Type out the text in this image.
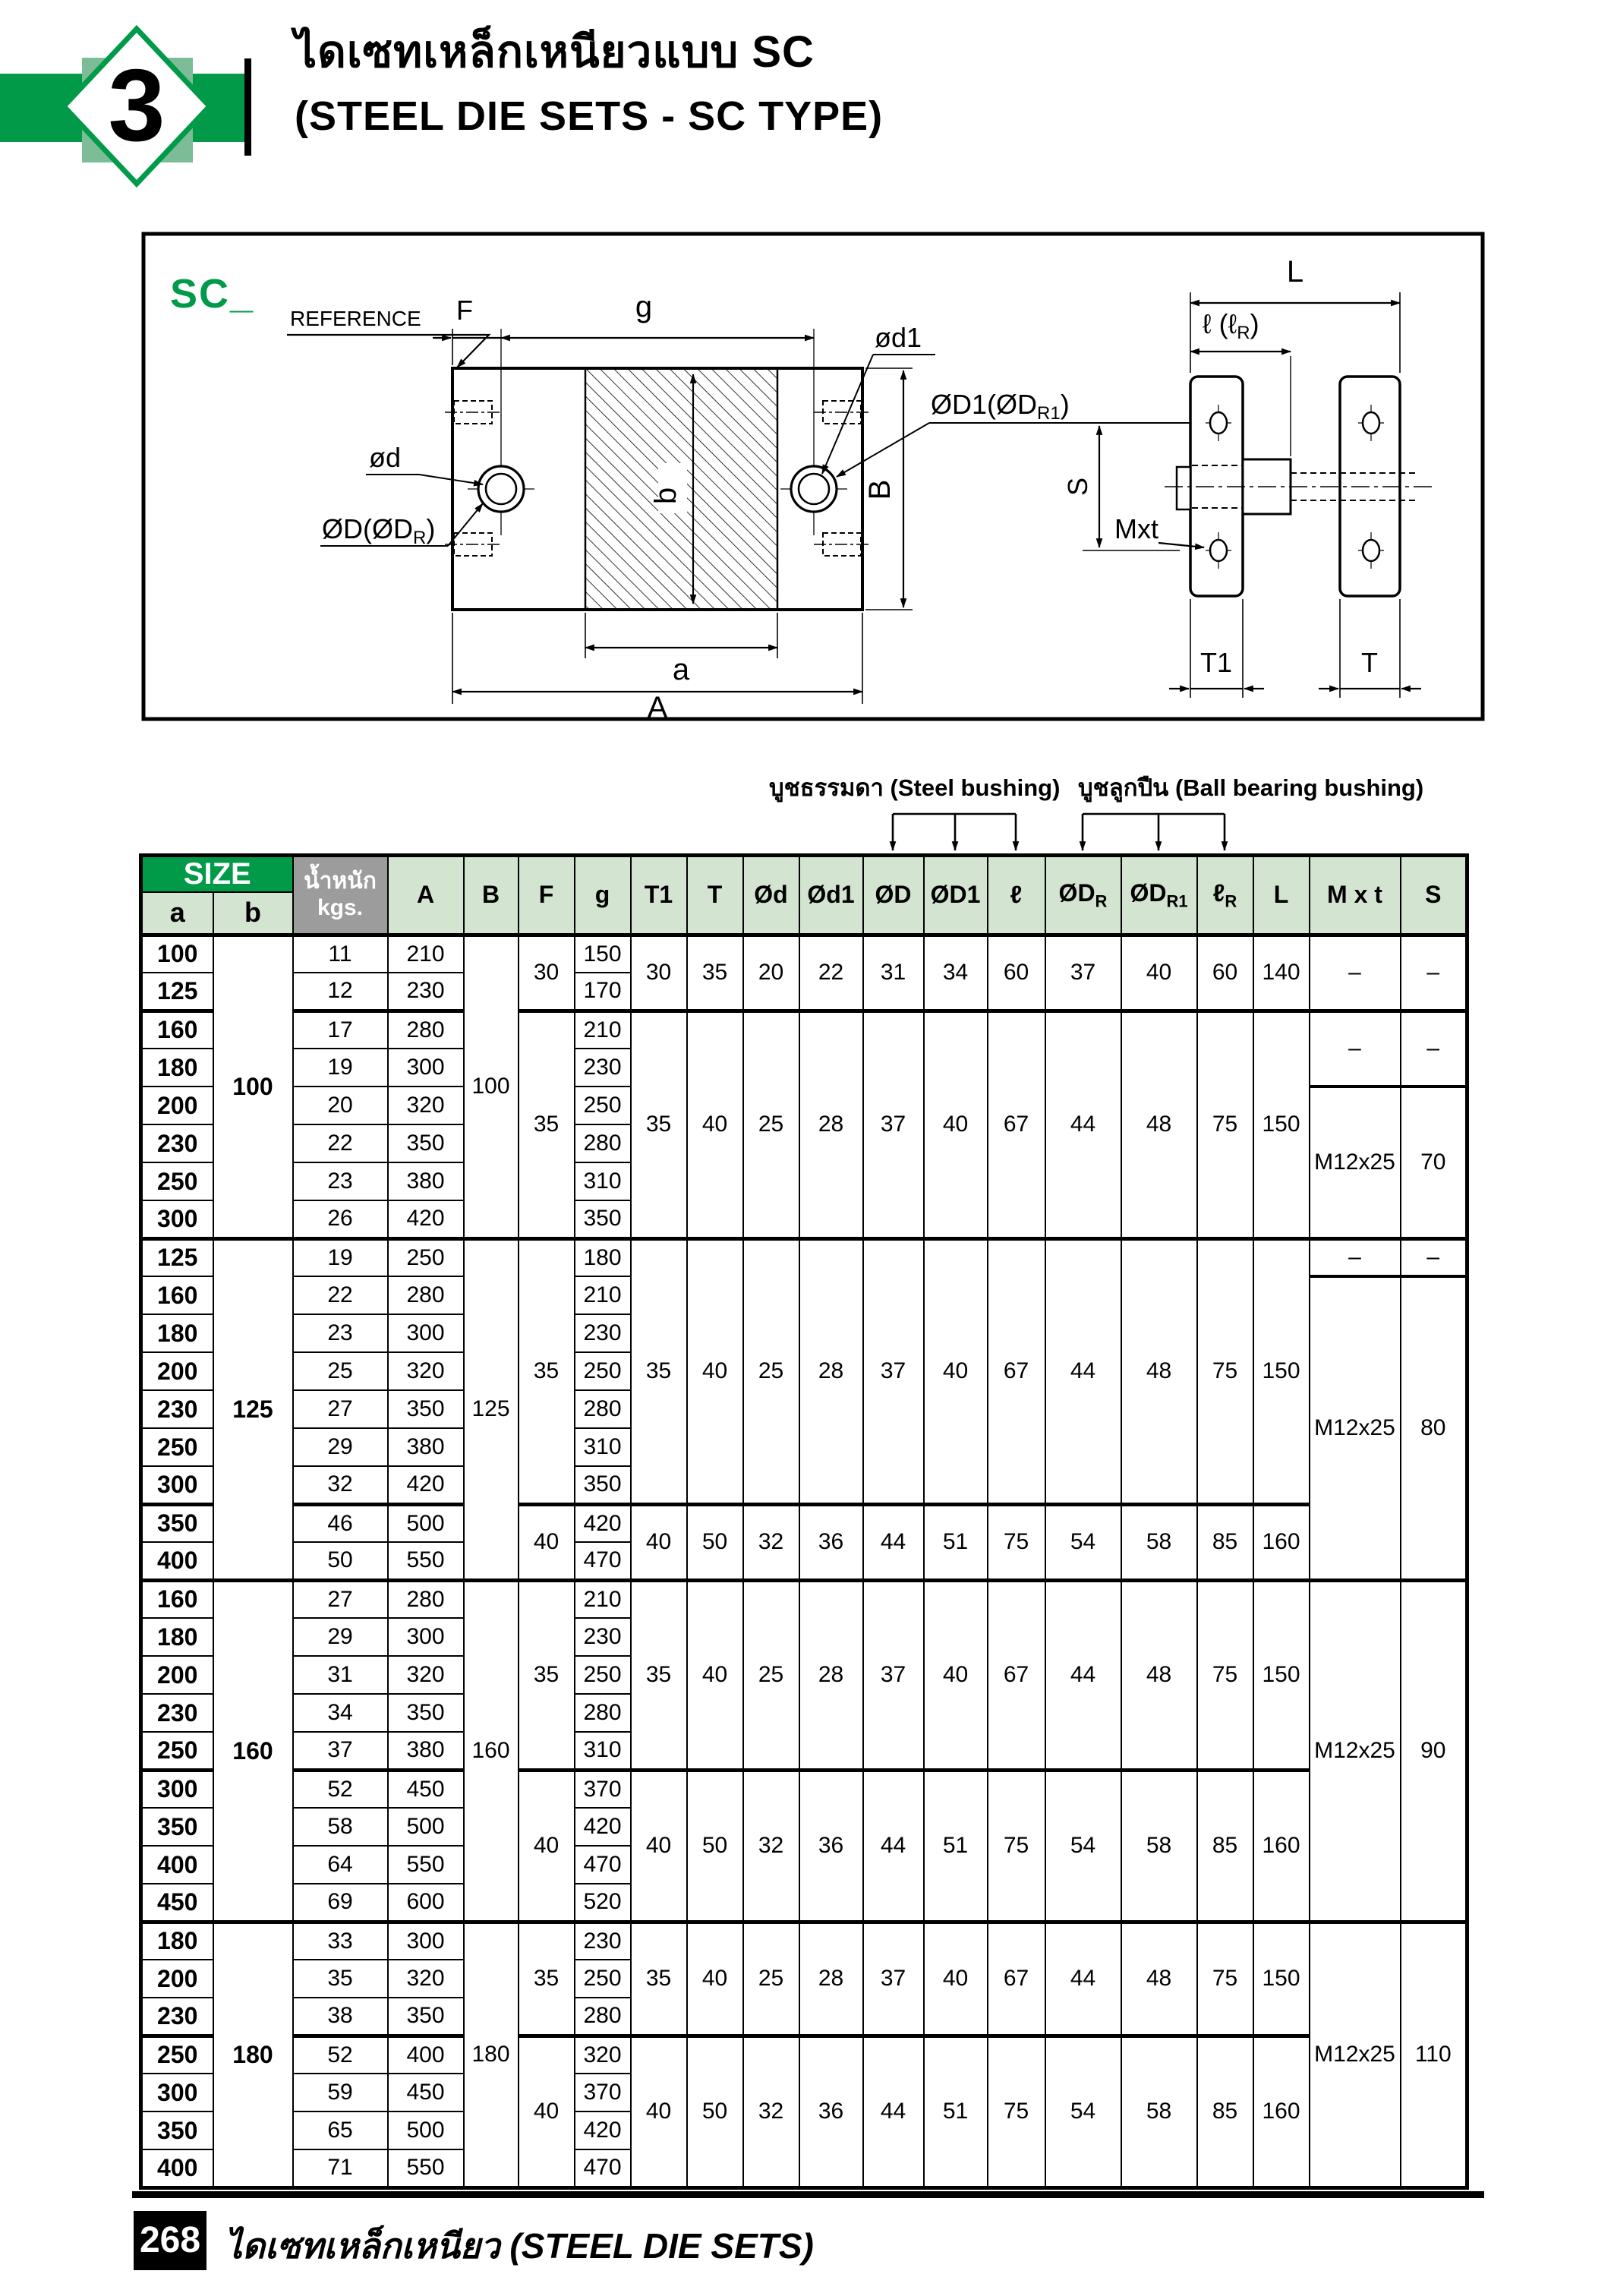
3	ไดเซทเหล็กเหนียวแบบ SC
(STEEL DIE SETS - SC TYPE)
SC_
REFERENCE F	g
ød1
ØD1(ØDR1)
ød
ØD(ØDR)
b	B
a
A
L
ℓ (ℓR)
S
Mxt
T1	T
บูชธรรมดา (Steel bushing) บูชลูกปืน (Ball bearing bushing)
SIZE		น้ำหนัก
kgs.	A	B	F	g	T1	T	Ød	Ød1	ØD	ØD1	ℓ	$ØD_R$	$ØD_{R1}$	ℓ$_R$	L	M x t	S
a	b																		
100	100	11	210	100	30	150	30	35	20	22	31	34	60	37	40	60	140	–	–
125		12	230			170													
160		17	280		35	210	35	40	25	28	37	40	67	44	48	75	150	–	–
180		19	300			230													
200		20	320			250												M12x25	70
230		22	350			280													
250		23	380			310													
300		26	420			350													
125	125	19	250	125	35	180	35	40	25	28	37	40	67	44	48	75	150	–	–
160		22	280			210												M12x25	80
180		23	300			230													
200		25	320			250													
230		27	350			280													
250		29	380			310													
300		32	420			350													
350		46	500		40	420	40	50	32	36	44	51	75	54	58	85	160		
400		50	550			470													
160	160	27	280	160	35	210	35	40	25	28	37	40	67	44	48	75	150	M12x25	90
180		29	300			230													
200		31	320			250													
230		34	350			280													
250		37	380			310													
300		52	450		40	370	40	50	32	36	44	51	75	54	58	85	160		
350		58	500			420													
400		64	550			470													
450		69	600			520													
180	180	33	300	180	35	230	35	40	25	28	37	40	67	44	48	75	150	M12x25	110
200		35	320			250													
230		38	350			280													
250		52	400		40	320	40	50	32	36	44	51	75	54	58	85	160		
300		59	450			370													
350		65	500			420													
400		71	550			470													
268 ไดเซทเหล็กเหนียว (STEEL DIE SETS)
